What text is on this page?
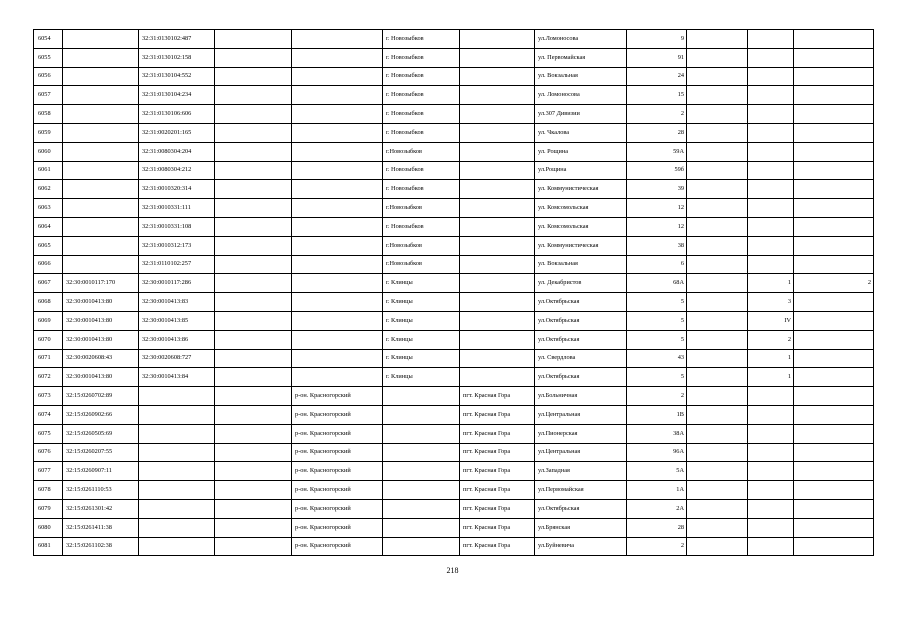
6054		32:31:0130102:487			г. Новозыбков		ул.Ломоносова	9			
6055		32:31:0130102:158			г. Новозыбков		ул. Первомайская	91			
6056		32:31:0130104:552			г. Новозыбков		ул. Вокзальная	24			
6057		32:31:0130104:234			г. Новозыбков		ул. Ломоносова	15			
6058		32:31:0130106:606			г. Новозыбков		ул.307 Дивизии	2			
6059		32:31:0020201:165			г. Новозыбков		ул. Чкалова	28			
6060		32:31:0080304:204			г.Новозыбков		ул. Рощина	59А			
6061		32:31:0080304:212			г. Новозыбков		ул.Рощина	59б			
6062		32:31:0010320:314			г. Новозыбков		ул. Коммунистическая	39			
6063		32:31:0010331:111			г.Новозыбков		ул. Комсомольская	12			
6064		32:31:0010331:108			г. Новозыбков		ул. Комсомольская	12			
6065		32:31:0010312:173			г.Новозыбков		ул. Коммунистическая	38			
6066		32:31:0110102:257			г.Новозыбков		ул. Вокзальная	6			
6067	32:30:0010117:170	32:30:0010117:286			г. Клинцы		ул. Декабристов	68А		1	2
6068	32:30:0010413:80	32:30:0010413:83			г. Клинцы		ул.Октябрьская	5		3	
6069	32:30:0010413:80	32:30:0010413:85			г. Клинцы		ул.Октябрьская	5		IV	
6070	32:30:0010413:80	32:30:0010413:86			г. Клинцы		ул.Октябрьская	5		2	
6071	32:30:0020608:43	32:30:0020608:727			г. Клинцы		ул. Свердлова	43		1	
6072	32:30:0010413:80	32:30:0010413:84			г. Клинцы		ул.Октябрьская	5		1	
6073	32:15:0260702:89			р-он. Красногорский		пгт. Красная Гора	ул.Больничная	2			
6074	32:15:0260902:66			р-он. Красногорский		пгт. Красная Гора	ул.Центральная	1В			
6075	32:15:0260505:69			р-он. Красногорский		пгт. Красная Гора	ул.Пионерская	38А			
6076	32:15:0260207:55			р-он. Красногорский		пгт. Красная Гора	ул.Центральная	96А			
6077	32:15:0260907:11			р-он. Красногорский		пгт. Красная Гора	ул.Западная	5А			
6078	32:15:0261110:53			р-он. Красногорский		пгт. Красная Гора	ул.Первомайская	1А			
6079	32:15:0261301:42			р-он. Красногорский		пгт. Красная Гора	ул.Октябрьская	2А			
6080	32:15:0261411:38			р-он. Красногорский		пгт. Красная Гора	ул.Брянская	28			
6081	32:15:0261102:38			р-он. Красногорский		пгт. Красная Гора	ул.Буйневича	2			
218
